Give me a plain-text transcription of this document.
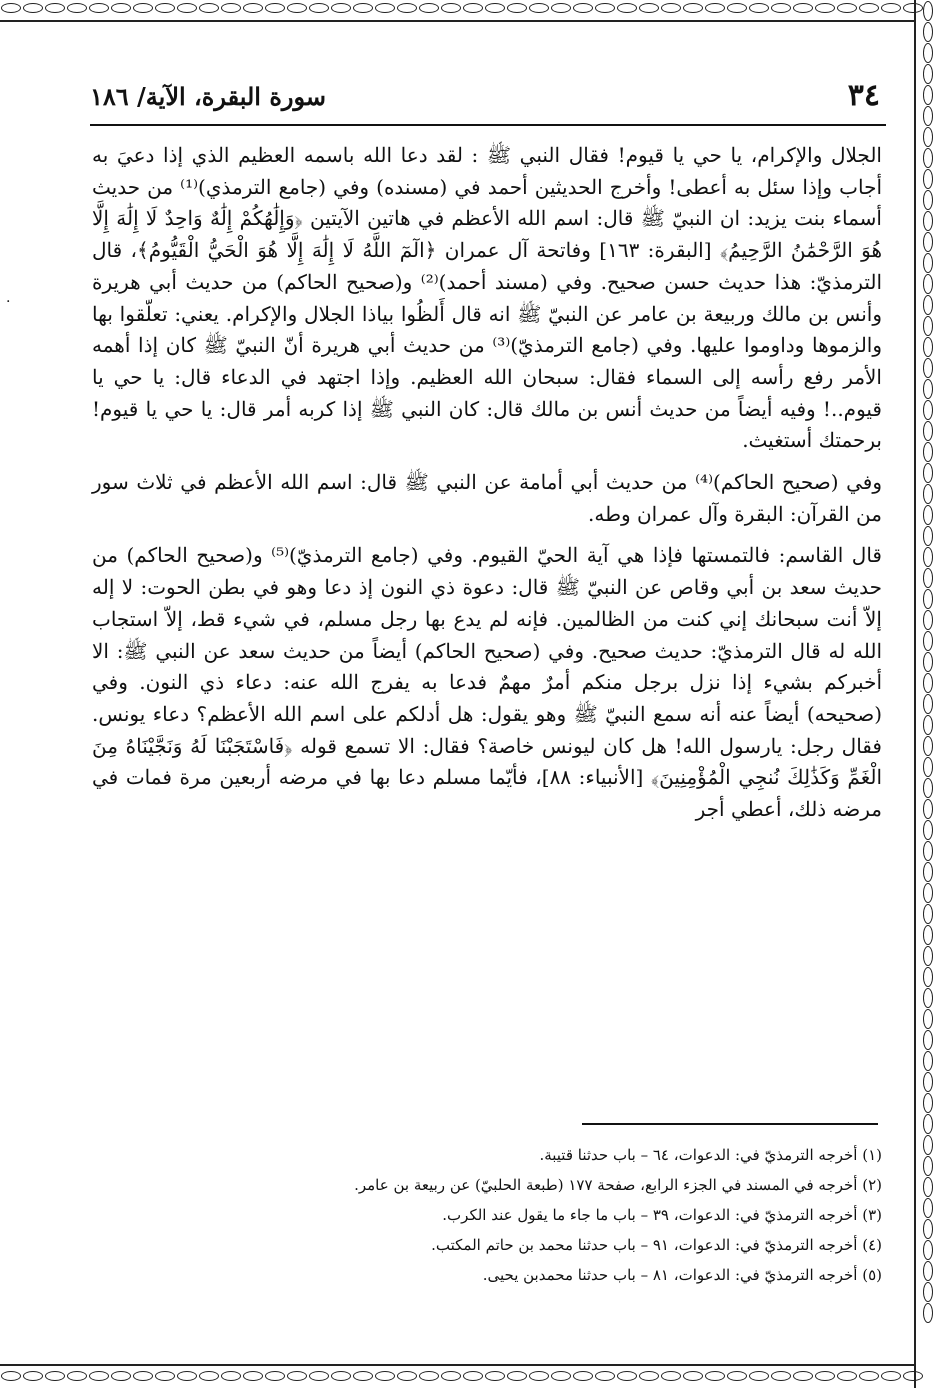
.
٣٤
سورة البقرة، الآية/ ١٨٦

الجلال والإكرام، يا حي يا قيوم! فقال النبي ﷺ : لقد دعا الله باسمه العظيم الذي إذا دعيَ به أجاب وإذا سئل به أعطى! وأخرج الحديثين أحمد في (مسنده) وفي (جامع الترمذي)⁽¹⁾ من حديث أسماء بنت يزيد: ان النبيّ ﷺ قال: اسم الله الأعظم في هاتين الآيتين ﴿وَإِلَٰهُكُمْ إِلَٰهٌ وَاحِدٌ لَا إِلَٰهَ إِلَّا هُوَ الرَّحْمَٰنُ الرَّحِيمُ﴾ [البقرة: ١٦٣] وفاتحة آل عمران ﴿الٓمٓ اللَّهُ لَا إِلَٰهَ إِلَّا هُوَ الْحَيُّ الْقَيُّومُ﴾، قال الترمذيّ: هذا حديث حسن صحيح. وفي (مسند أحمد)⁽²⁾ و(صحيح الحاكم) من حديث أبي هريرة وأنس بن مالك وربيعة بن عامر عن النبيّ ﷺ انه قال أَلظُوا بياذا الجلال والإكرام. يعني: تعلّقوا بها والزموها وداوموا عليها. وفي (جامع الترمذيّ)⁽³⁾ من حديث أبي هريرة أنّ النبيّ ﷺ كان إذا أهمه الأمر رفع رأسه إلى السماء فقال: سبحان الله العظيم. وإذا اجتهد في الدعاء قال: يا حي يا قيوم..! وفيه أيضاً من حديث أنس بن مالك قال: كان النبي ﷺ إذا كربه أمر قال: يا حي يا قيوم! برحمتك أستغيث.

وفي (صحيح الحاكم)⁽⁴⁾ من حديث أبي أمامة عن النبي ﷺ قال: اسم الله الأعظم في ثلاث سور من القرآن: البقرة وآل عمران وطه.

قال القاسم: فالتمستها فإذا هي آية الحيّ القيوم. وفي (جامع الترمذيّ)⁽⁵⁾ و(صحيح الحاكم) من حديث سعد بن أبي وقاص عن النبيّ ﷺ قال: دعوة ذي النون إذ دعا وهو في بطن الحوت: لا إله إلاّ أنت سبحانك إني كنت من الظالمين. فإنه لم يدع بها رجل مسلم، في شيء قط، إلاّ استجاب الله له قال الترمذيّ: حديث صحيح. وفي (صحيح الحاكم) أيضاً من حديث سعد عن النبي ﷺ: الا أخبركم بشيء إذا نزل برجل منكم أمرٌ مهمٌ فدعا به يفرج الله عنه: دعاء ذي النون. وفي (صحيحه) أيضاً عنه أنه سمع النبيّ ﷺ وهو يقول: هل أدلكم على اسم الله الأعظم؟ دعاء يونس. فقال رجل: يارسول الله! هل كان ليونس خاصة؟ فقال: الا تسمع قوله ﴿فَاسْتَجَبْنَا لَهُ وَنَجَّيْنَاهُ مِنَ الْغَمِّ وَكَذَٰلِكَ نُنجِي الْمُؤْمِنِينَ﴾ [الأنبياء: ٨٨]، فأيّما مسلم دعا بها في مرضه أربعين مرة فمات في مرضه ذلك، أعطي أجر

(١) أخرجه الترمذيّ في: الدعوات، ٦٤ – باب حدثنا قتيبة.

(٢) أخرجه في المسند في الجزء الرابع، صفحة ١٧٧ (طبعة الحلبيّ) عن ربيعة بن عامر.

(٣) أخرجه الترمذيّ في: الدعوات، ٣٩ – باب ما جاء ما يقول عند الكرب.

(٤) أخرجه الترمذيّ في: الدعوات، ٩١ – باب حدثنا محمد بن حاتم المكتب.

(٥) أخرجه الترمذيّ في: الدعوات، ٨١ – باب حدثنا محمدبن يحيى.
